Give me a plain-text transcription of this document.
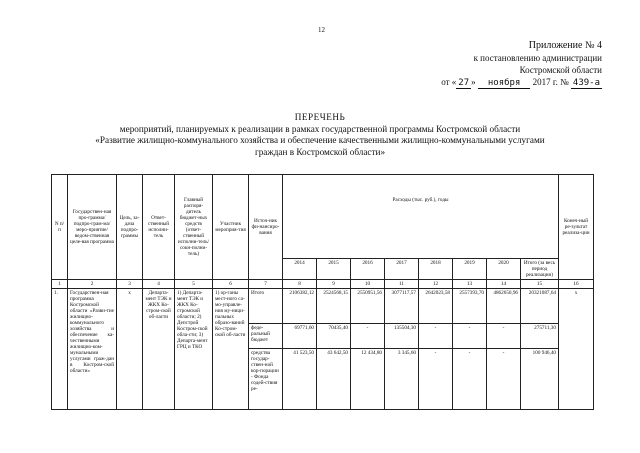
12
Приложение № 4
к постановлению администрации
Костромской области
от « 27 » ноября 2017 г. № 439-а
ПЕРЕЧЕНЬ
мероприятий, планируемых к реализации в рамках государственной программы Костромской области
«Развитие жилищно-коммунального хозяйства и обеспечение качественными жилищно-коммунальными услугами
граждан в Костромской области»
N п/п	Государствен-ная про-грамма/подпро-грам-ма/меро-приятие/ведом-ственная целе-вая программа	Цель, за-дача подпро-граммы	Ответ-ственный исполни-тель	Главный распоря-дитель бюджет-ных средств (ответ-ственный исполни-тель/сокн-полни-тель)	Участник мероприя-тия	Источ-ник фи-нансиро-вания	Расходы (тыс. руб.), годы								Конеч-ный ре-зультат реализа-ции
							2014	2015	2016	2017	2018	2019	2020	Итого (за весь период реализации)	
1	2	3	4	5	6	7	8	9	10	11	12	13	14	15	16
1.	Государствен-ная программа Костромской области «Разви-тие жилищно-коммунального хозяйства и обеспечение ка-чественными жилищно-ком-мунальными услугами граж-дан в Костром-ской области»	x	Департа-мент ТЭК и ЖКХ Ко-стром-ской об-ласти	1) Департа-мент ТЭК и ЖКХ Ко-стромской области; 2) Депстрой Костром-ской обла-сти; 3) Департа-мент ГРЦ и ТКО	1) ор-ганы мест-ного са-мо-управле-ния му-ници-пальных образо-ваний Ко-стром-ской об-ласти	Итого	2106382,12	2524568,15	2550951,56	3077117,57	2642023,58	2557393,70	4862650,96	20321087,64	x
						феде-ральный бюджет	69771,60	70435,40	-	135504,30	-	-	-	275711,30	
						средства государ-ствен-ной кор-порации - Фонда содей-ствия ре-	41 523,50	43 642,50	12 434,80	3 345,60	-	-	-	100 946,40	
